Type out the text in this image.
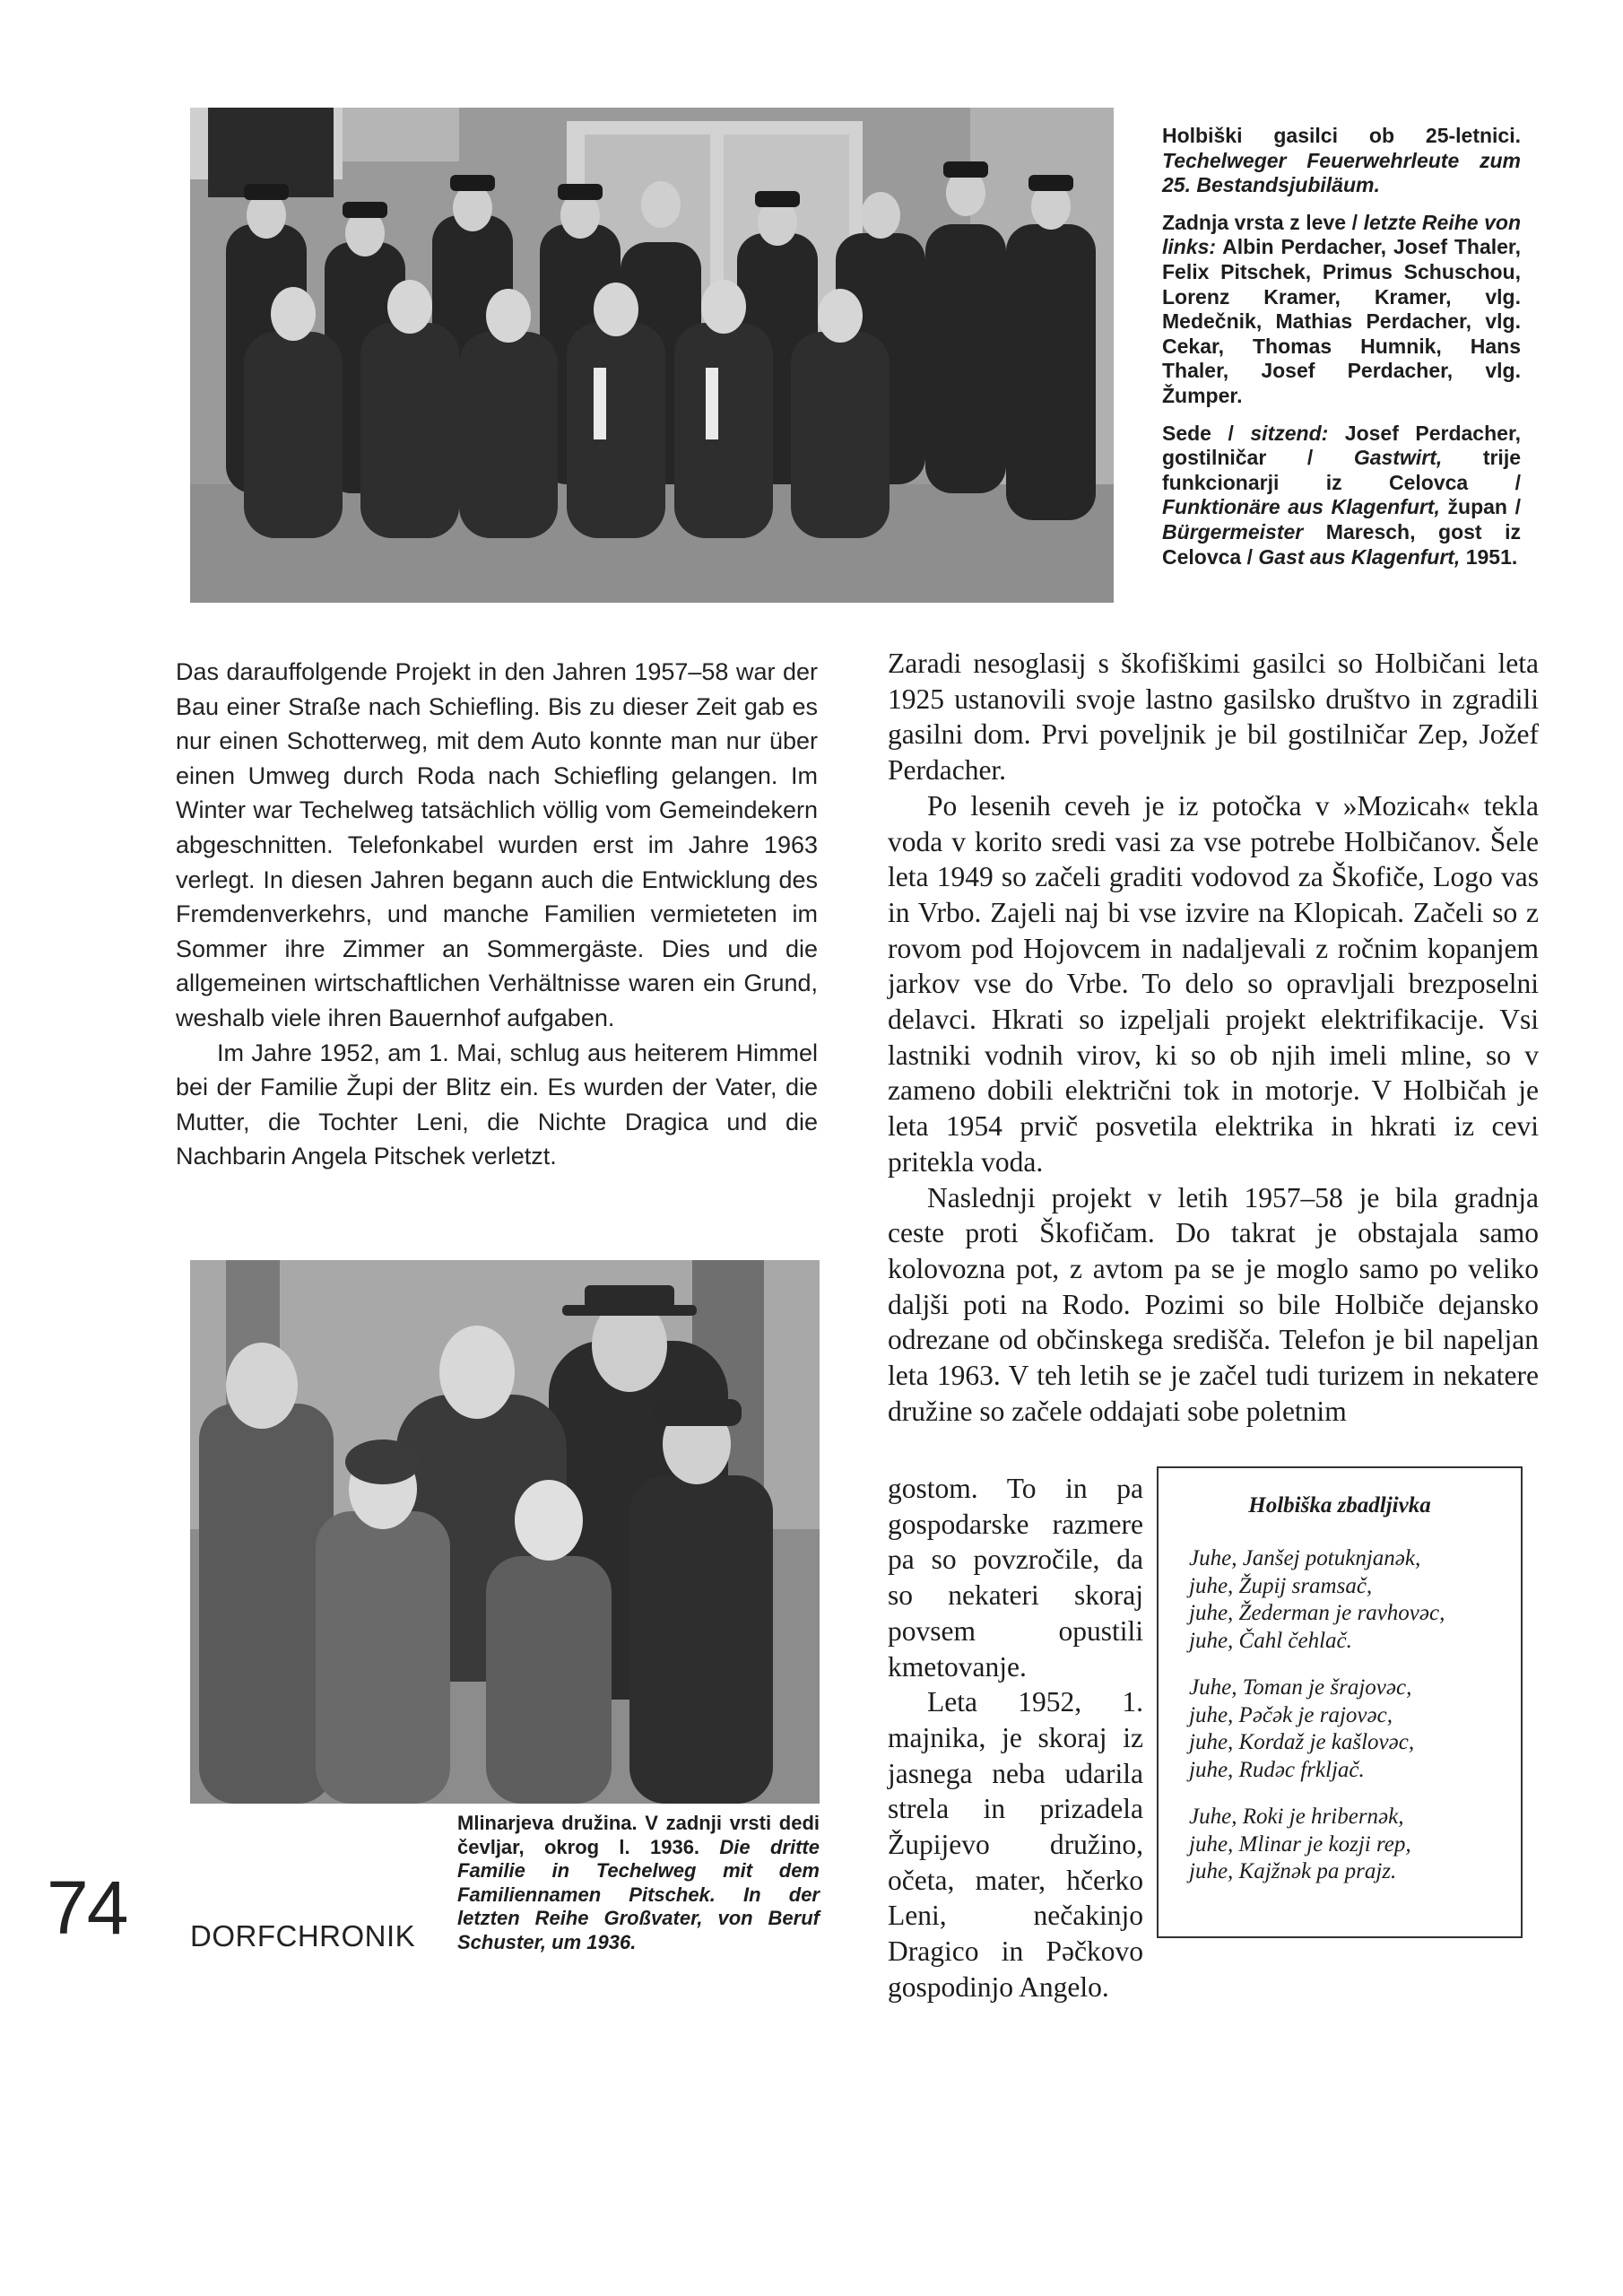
Holbiški gasilci ob 25-letnici. Techelweger Feuerwehrleute zum 25. Bestandsjubiläum.

Zadnja vrsta z leve / letzte Reihe von links: Albin Perdacher, Josef Thaler, Felix Pitschek, Primus Schuschou, Lorenz Kramer, Kramer, vlg. Medečnik, Mathias Perdacher, vlg. Cekar, Thomas Humnik, Hans Thaler, Josef Perdacher, vlg. Žumper.

Sede / sitzend: Josef Perdacher, gostilničar / Gastwirt, trije funkcionarji iz Celovca / Funktionäre aus Klagenfurt, župan / Bürgermeister Maresch, gost iz Celovca / Gast aus Klagenfurt, 1951.

Das darauffolgende Projekt in den Jahren 1957–58 war der Bau einer Straße nach Schiefling. Bis zu dieser Zeit gab es nur einen Schotterweg, mit dem Auto konnte man nur über einen Umweg durch Roda nach Schiefling gelangen. Im Winter war Techelweg tatsächlich völlig vom Gemeindekern abgeschnitten. Telefonkabel wurden erst im Jahre 1963 verlegt. In diesen Jahren begann auch die Entwicklung des Fremdenverkehrs, und manche Familien vermieteten im Sommer ihre Zimmer an Sommergäste. Dies und die allgemeinen wirtschaftlichen Verhältnisse waren ein Grund, weshalb viele ihren Bauernhof aufgaben.

Im Jahre 1952, am 1. Mai, schlug aus heiterem Himmel bei der Familie Župi der Blitz ein. Es wurden der Vater, die Mutter, die Tochter Leni, die Nichte Dragica und die Nachbarin Angela Pitschek verletzt.

Zaradi nesoglasij s škofiškimi gasilci so Holbičani leta 1925 ustanovili svoje lastno gasilsko društvo in zgradili gasilni dom. Prvi poveljnik je bil gostilničar Zep, Jožef Perdacher.

Po lesenih ceveh je iz potočka v »Mozicah« tekla voda v korito sredi vasi za vse potrebe Holbičanov. Šele leta 1949 so začeli graditi vodovod za Škofiče, Logo vas in Vrbo. Zajeli naj bi vse izvire na Klopicah. Začeli so z rovom pod Hojovcem in nadaljevali z ročnim kopanjem jarkov vse do Vrbe. To delo so opravljali brezposelni delavci. Hkrati so izpeljali projekt elektrifikacije. Vsi lastniki vodnih virov, ki so ob njih imeli mline, so v zameno dobili električni tok in motorje. V Holbičah je leta 1954 prvič posvetila elektrika in hkrati iz cevi pritekla voda.

Naslednji projekt v letih 1957–58 je bila gradnja ceste proti Škofičam. Do takrat je obstajala samo kolovozna pot, z avtom pa se je moglo samo po veliko daljši poti na Rodo. Pozimi so bile Holbiče dejansko odrezane od občinskega središča. Telefon je bil napeljan leta 1963. V teh letih se je začel tudi turizem in nekatere družine so začele oddajati sobe poletnim

gostom. To in pa gospodarske razmere pa so povzročile, da so nekateri skoraj povsem opustili kmetovanje.

Leta 1952, 1. majnika, je skoraj iz jasnega neba udarila strela in prizadela Župijevo družino, očeta, mater, hčerko Leni, nečakinjo Dragico in Pəčkovo gospodinjo Angelo.

Holbiška zbadljivka
Juhe, Janšej potuknjanək,
juhe, Župij sramsač,
juhe, Žederman je ravhovəc,
juhe, Čahl čehlač.
Juhe, Toman je šrajovəc,
juhe, Pəčək je rajovəc,
juhe, Kordaž je kašlovəc,
juhe, Rudəc frkljač.
Juhe, Roki je hribernək,
juhe, Mlinar je kozji rep,
juhe, Kajžnək pa prajz.
Mlinarjeva družina. V zadnji vrsti dedi čevljar, okrog l. 1936. Die dritte Familie in Techelweg mit dem Familiennamen Pitschek. In der letzten Reihe Großvater, von Beruf Schuster, um 1936.
74 DORFCHRONIK
